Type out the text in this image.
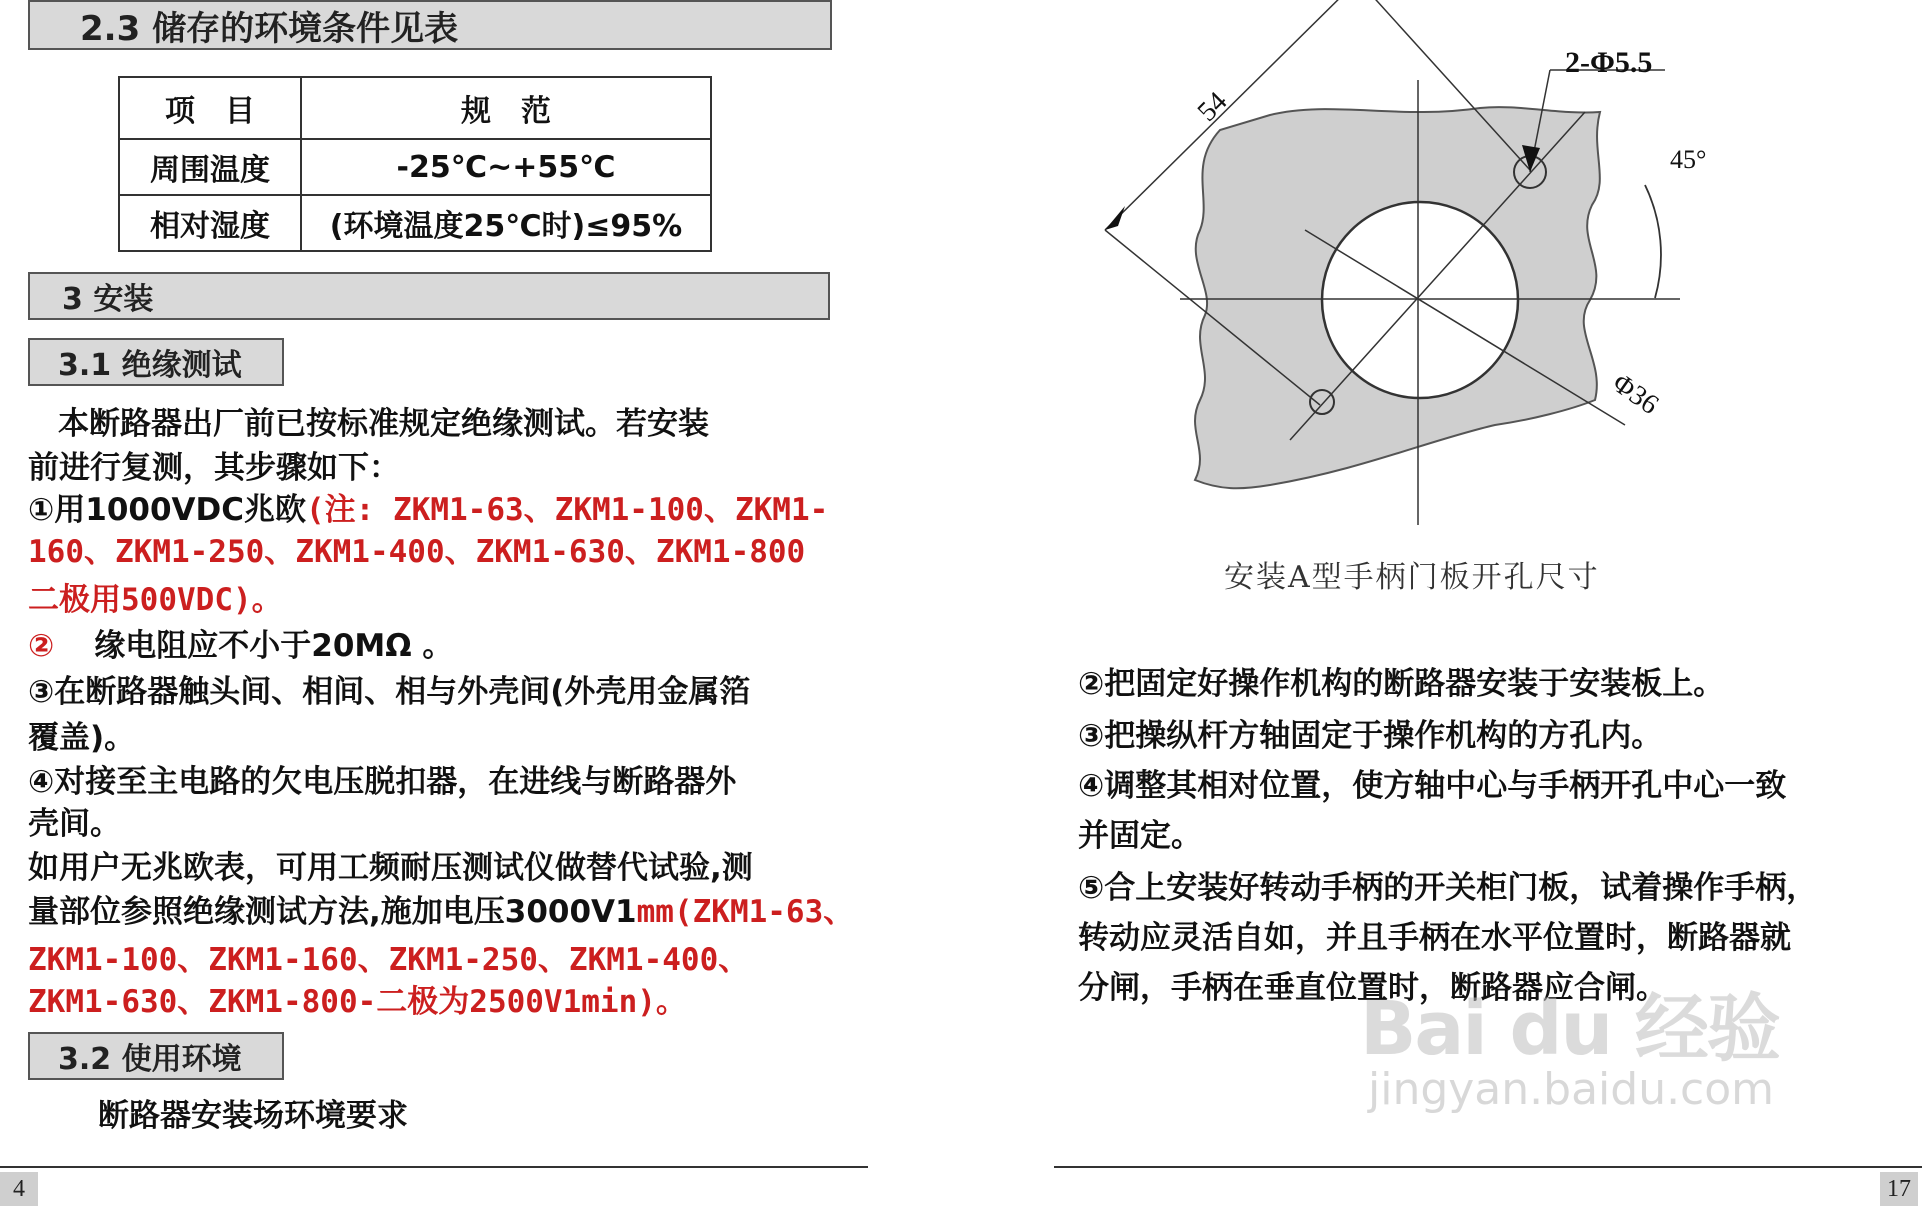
2.3 储存的环境条件见表
项　目	规　范
周围温度	-25℃~+55℃
相对湿度	(环境温度25℃时)≤95%
3 安装
3.1 绝缘测试
本断路器出厂前已按标准规定绝缘测试。若安装
前进行复测，其步骤如下：
①用1000VDC兆欧(注: ZKM1-63、ZKM1-100、ZKM1-
160、ZKM1-250、ZKM1-400、ZKM1-630、ZKM1-800
二极用500VDC)。
② 缘电阻应不小于20MΩ 。
③在断路器触头间、相间、相与外壳间(外壳用金属箔
覆盖)。
④对接至主电路的欠电压脱扣器，在进线与断路器外
壳间。
如用户无兆欧表，可用工频耐压测试仪做替代试验,测
量部位参照绝缘测试方法,施加电压3000V1mm(ZKM1-63、
ZKM1-100、ZKM1-160、ZKM1-250、ZKM1-400、
ZKM1-630、ZKM1-800-二极为2500V1min)。
3.2 使用环境
断路器安装场环境要求
4
45°
2-Φ5.5
54
Φ36
安装A型手柄门板开孔尺寸
②把固定好操作机构的断路器安装于安装板上。
③把操纵杆方轴固定于操作机构的方孔内。
④调整其相对位置，使方轴中心与手柄开孔中心一致
并固定。
⑤合上安装好转动手柄的开关柜门板，试着操作手柄，
转动应灵活自如，并且手柄在水平位置时，断路器就
分闸，手柄在垂直位置时，断路器应合闸。
Bai du 经验
jingyan.baidu.com
17
